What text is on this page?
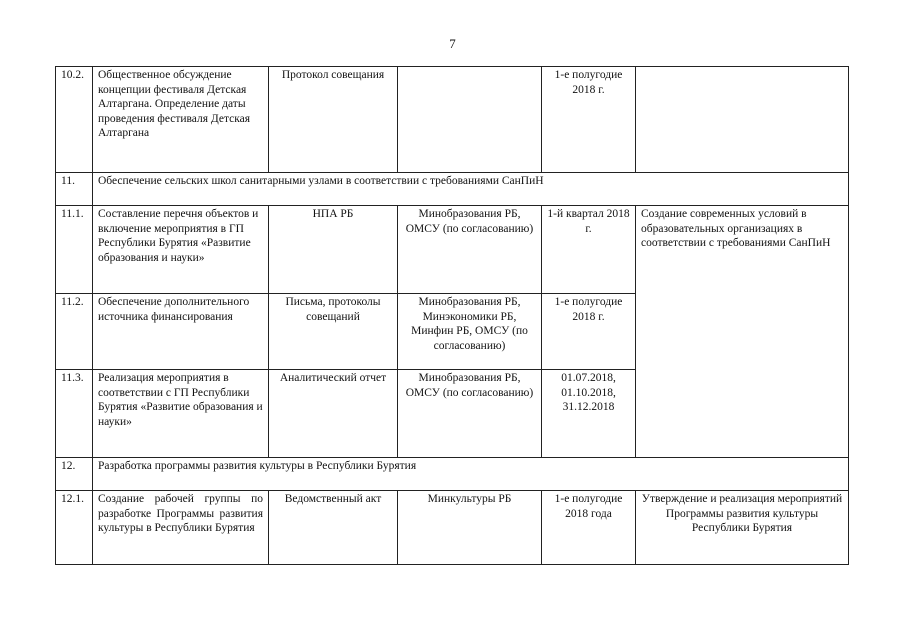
7
10.2.	Общественное обсуждение концепции фестиваля Детская Алтаргана. Определение даты проведения фестиваля Детская Алтаргана	Протокол совещания		1-е полугодие 2018 г.	
11.	Обеспечение сельских школ санитарными узлами в соответствии с требованиями СанПиН				
11.1.	Составление перечня объектов и включение мероприятия в ГП Республики Бурятия «Развитие образования и науки»	НПА РБ	Минобразования РБ, ОМСУ (по согласованию)	1-й квартал 2018 г.	Создание современных условий в образовательных организациях в соответствии с требованиями СанПиН
11.2.	Обеспечение дополнительного источника финансирования	Письма, протоколы совещаний	Минобразования РБ, Минэкономики РБ, Минфин РБ, ОМСУ (по согласованию)	1-е полугодие 2018 г.	
11.3.	Реализация мероприятия в соответствии с ГП Республики Бурятия «Развитие образования и науки»	Аналитический отчет	Минобразования РБ, ОМСУ (по согласованию)	01.07.2018, 01.10.2018, 31.12.2018	
12.	Разработка программы развития культуры в Республики Бурятия				
12.1.	Создание рабочей группы по разработке Программы развития культуры в Республики Бурятия	Ведомственный акт	Минкультуры РБ	1-е полугодие 2018 года	Утверждение и реализация мероприятий Программы развития культуры Республики Бурятия
